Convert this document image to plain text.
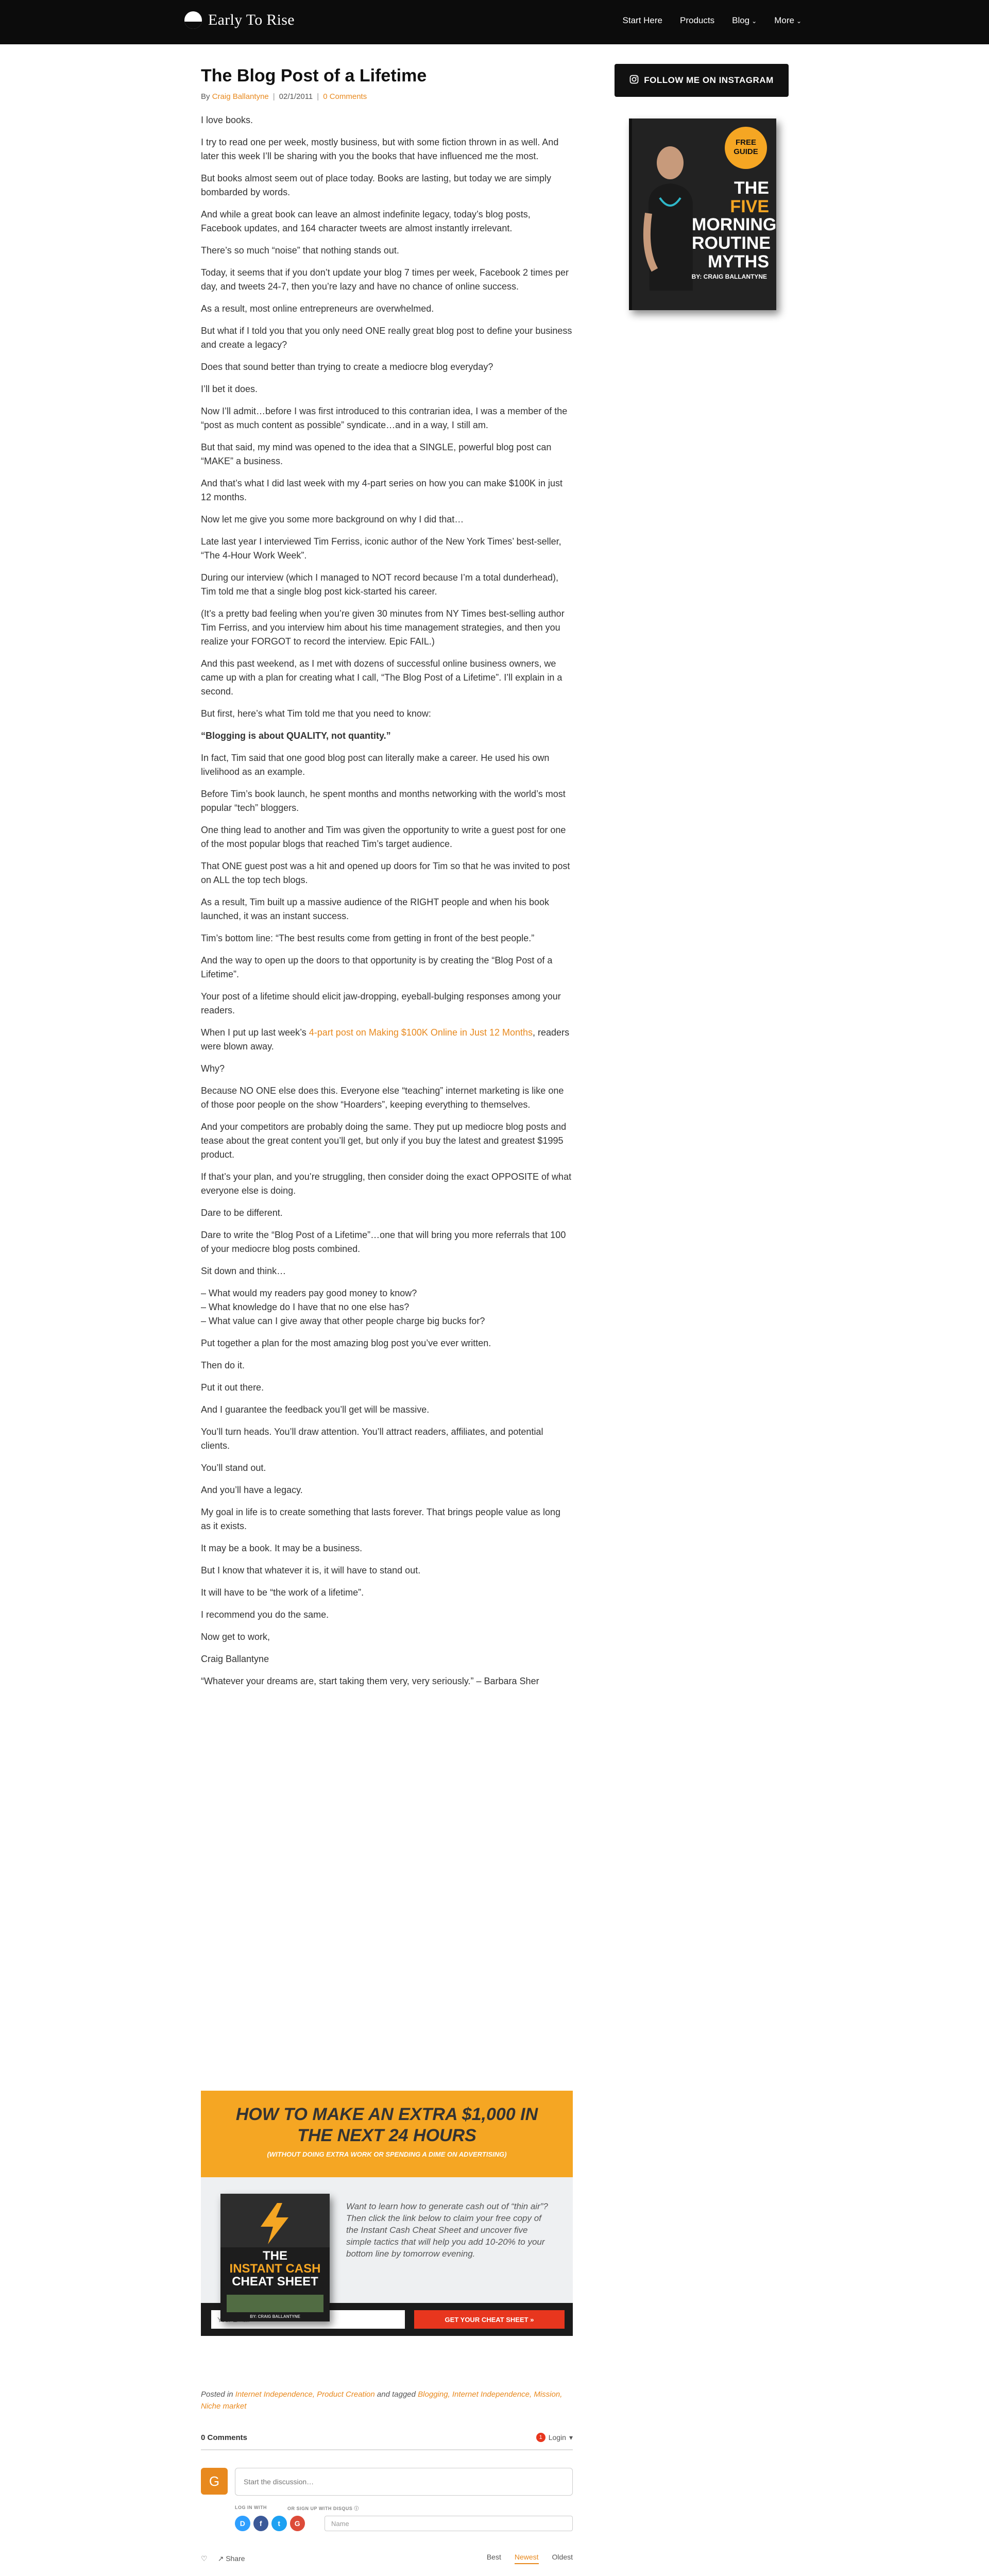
Early To Rise	Start Here Products Blog ⌄ More ⌄
The Blog Post of a Lifetime
By Craig Ballantyne | 02/1/2011 | 0 Comments

I love books.

I try to read one per week, mostly business, but with some fiction thrown in as well. And later this week I’ll be sharing with you the books that have influenced me the most.

But books almost seem out of place today. Books are lasting, but today we are simply bombarded by words.

And while a great book can leave an almost indefinite legacy, today’s blog posts, Facebook updates, and 164 character tweets are almost instantly irrelevant.

There’s so much “noise” that nothing stands out.

Today, it seems that if you don’t update your blog 7 times per week, Facebook 2 times per day, and tweets 24-7, then you’re lazy and have no chance of online success.

As a result, most online entrepreneurs are overwhelmed.

But what if I told you that you only need ONE really great blog post to define your business and create a legacy?

Does that sound better than trying to create a mediocre blog everyday?

I’ll bet it does.

Now I’ll admit…before I was first introduced to this contrarian idea, I was a member of the “post as much content as possible” syndicate…and in a way, I still am.

But that said, my mind was opened to the idea that a SINGLE, powerful blog post can “MAKE” a business.

And that’s what I did last week with my 4-part series on how you can make $100K in just 12 months.

Now let me give you some more background on why I did that…

Late last year I interviewed Tim Ferriss, iconic author of the New York Times’ best-seller, “The 4-Hour Work Week”.

During our interview (which I managed to NOT record because I’m a total dunderhead), Tim told me that a single blog post kick-started his career.

(It’s a pretty bad feeling when you’re given 30 minutes from NY Times best-selling author Tim Ferriss, and you interview him about his time management strategies, and then you realize your FORGOT to record the interview. Epic FAIL.)

And this past weekend, as I met with dozens of successful online business owners, we came up with a plan for creating what I call, “The Blog Post of a Lifetime”. I’ll explain in a second.

But first, here’s what Tim told me that you need to know:

“Blogging is about QUALITY, not quantity.”

In fact, Tim said that one good blog post can literally make a career. He used his own livelihood as an example.

Before Tim’s book launch, he spent months and months networking with the world’s most popular “tech” bloggers.

One thing lead to another and Tim was given the opportunity to write a guest post for one of the most popular blogs that reached Tim’s target audience.

That ONE guest post was a hit and opened up doors for Tim so that he was invited to post on ALL the top tech blogs.

As a result, Tim built up a massive audience of the RIGHT people and when his book launched, it was an instant success.

Tim’s bottom line: “The best results come from getting in front of the best people.”

And the way to open up the doors to that opportunity is by creating the “Blog Post of a Lifetime”.

Your post of a lifetime should elicit jaw-dropping, eyeball-bulging responses among your readers.

When I put up last week’s 4-part post on Making $100K Online in Just 12 Months, readers were blown away.

Why?

Because NO ONE else does this. Everyone else “teaching” internet marketing is like one of those poor people on the show “Hoarders”, keeping everything to themselves.

And your competitors are probably doing the same. They put up mediocre blog posts and tease about the great content you’ll get, but only if you buy the latest and greatest $1995 product.

If that’s your plan, and you’re struggling, then consider doing the exact OPPOSITE of what everyone else is doing.

Dare to be different.

Dare to write the “Blog Post of a Lifetime”…one that will bring you more referrals that 100 of your mediocre blog posts combined.

Sit down and think…

– What would my readers pay good money to know?
– What knowledge do I have that no one else has?
– What value can I give away that other people charge big bucks for?

Put together a plan for the most amazing blog post you’ve ever written.

Then do it.

Put it out there.

And I guarantee the feedback you’ll get will be massive.

You’ll turn heads. You’ll draw attention. You’ll attract readers, affiliates, and potential clients.

You’ll stand out.

And you’ll have a legacy.

My goal in life is to create something that lasts forever. That brings people value as long as it exists.

It may be a book. It may be a business.

But I know that whatever it is, it will have to stand out.

It will have to be “the work of a lifetime”.

I recommend you do the same.

Now get to work,

Craig Ballantyne

“Whatever your dreams are, start taking them very, very seriously.” – Barbara Sher

FOLLOW ME ON INSTAGRAM
FREE GUIDE
THE FIVE MORNING ROUTINE MYTHS
BY: CRAIG BALLANTYNE
HOW TO MAKE AN EXTRA $1,000 IN THE NEXT 24 HOURS
(WITHOUT DOING EXTRA WORK OR SPENDING A DIME ON ADVERTISING)
THE
INSTANT CASH
CHEAT SHEET
BY: CRAIG BALLANTYNE
Want to learn how to generate cash out of “thin air”? Then click the link below to claim your free copy of the Instant Cash Cheat Sheet and uncover five simple tactics that will help you add 10-20% to your bottom line by tomorrow evening.
Your Email
GET YOUR CHEAT SHEET »
Posted in Internet Independence, Product Creation and tagged Blogging, Internet Independence, Mission, Niche market
0 Comments	1 Login ▾
G	Start the discussion…
LOG IN WITH	OR SIGN UP WITH DISQUS ⓘ
D	f	t	G	Name
♡ ↗ Share	Best Newest Oldest
